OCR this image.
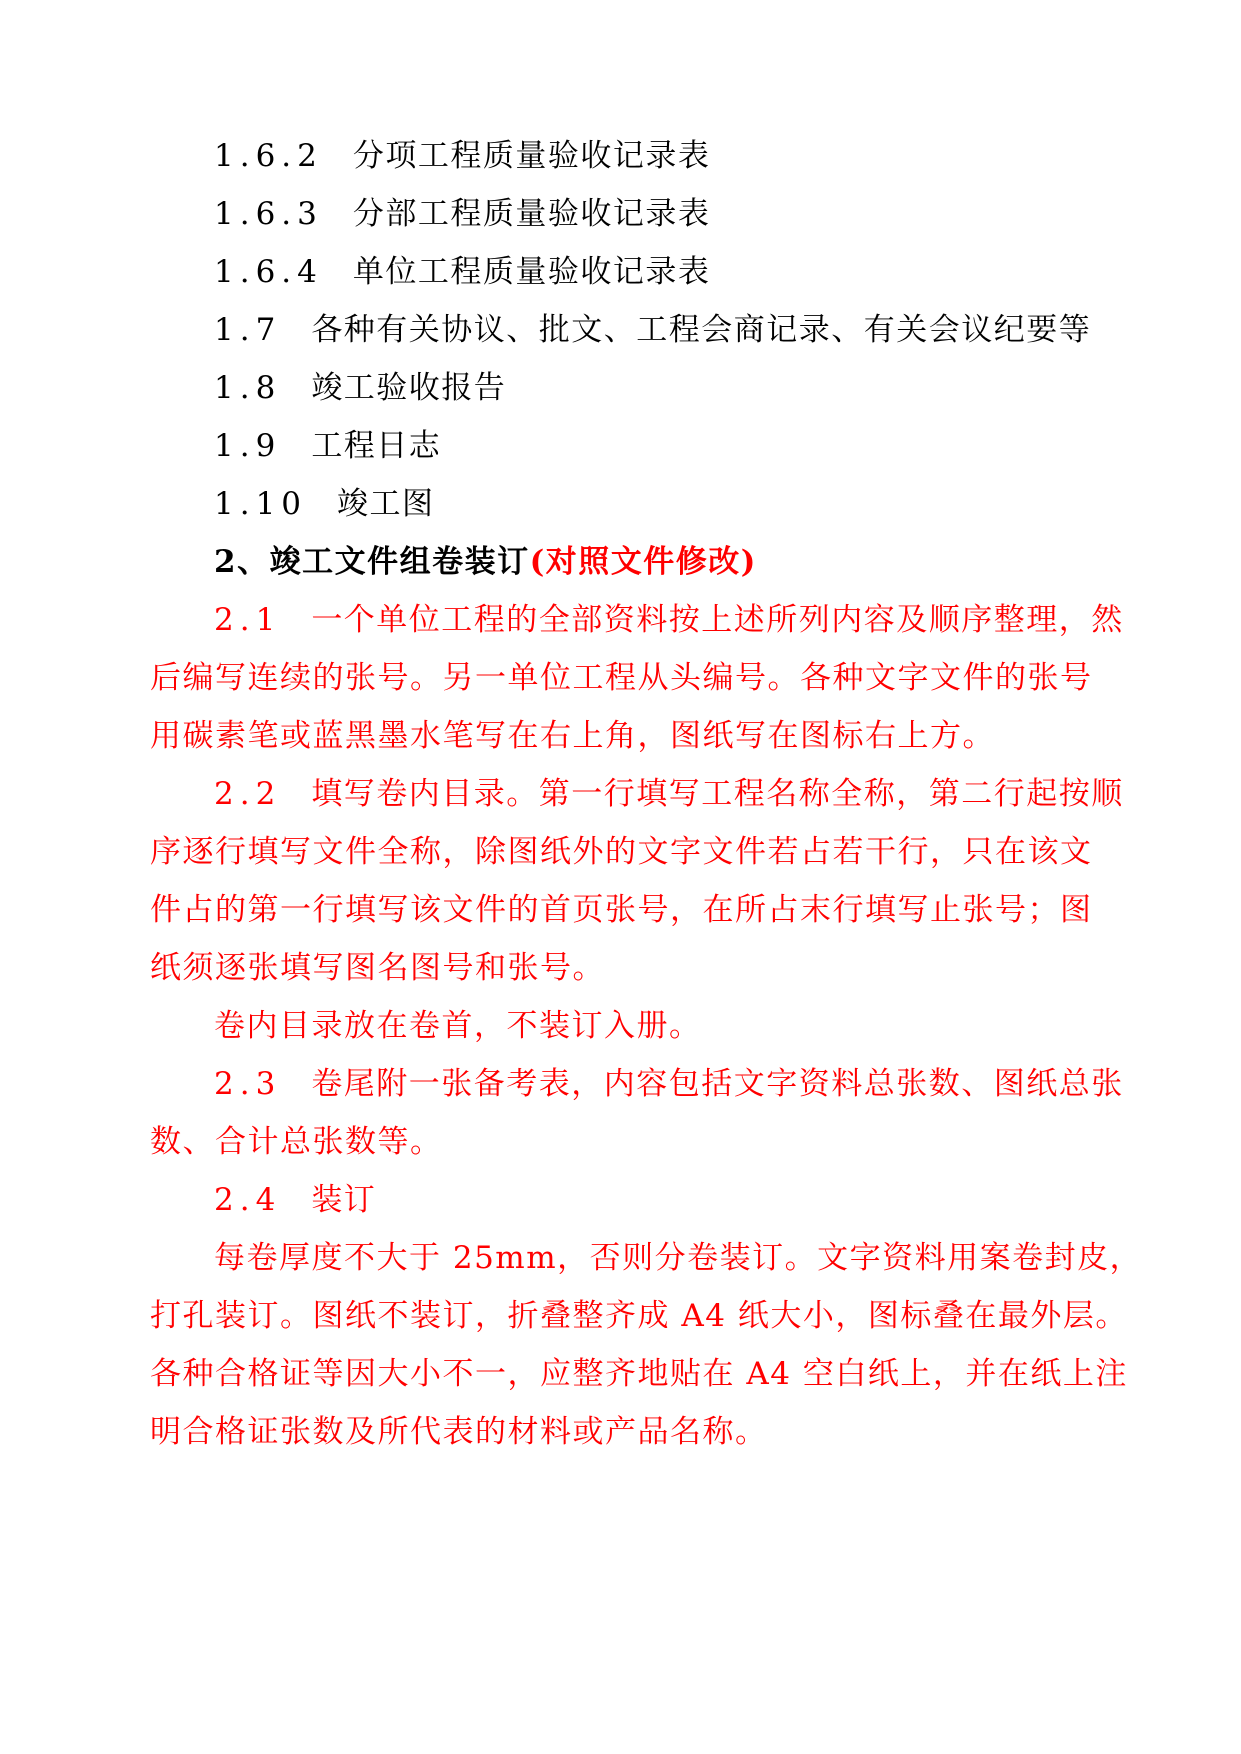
1.6.2 分项工程质量验收记录表
1.6.3 分部工程质量验收记录表
1.6.4 单位工程质量验收记录表
1.7 各种有关协议、批文、工程会商记录、有关会议纪要等
1.8 竣工验收报告
1.9 工程日志
1.10 竣工图
2、竣工文件组卷装订(对照文件修改)
2.1 一个单位工程的全部资料按上述所列内容及顺序整理，然
后编写连续的张号。另一单位工程从头编号。各种文字文件的张号
用碳素笔或蓝黑墨水笔写在右上角，图纸写在图标右上方。
2.2 填写卷内目录。第一行填写工程名称全称，第二行起按顺
序逐行填写文件全称，除图纸外的文字文件若占若干行，只在该文
件占的第一行填写该文件的首页张号，在所占末行填写止张号；图
纸须逐张填写图名图号和张号。
卷内目录放在卷首，不装订入册。
2.3 卷尾附一张备考表，内容包括文字资料总张数、图纸总张
数、合计总张数等。
2.4 装订
每卷厚度不大于 25mm，否则分卷装订。文字资料用案卷封皮，
打孔装订。图纸不装订，折叠整齐成 A4 纸大小，图标叠在最外层。
各种合格证等因大小不一，应整齐地贴在 A4 空白纸上，并在纸上注
明合格证张数及所代表的材料或产品名称。
